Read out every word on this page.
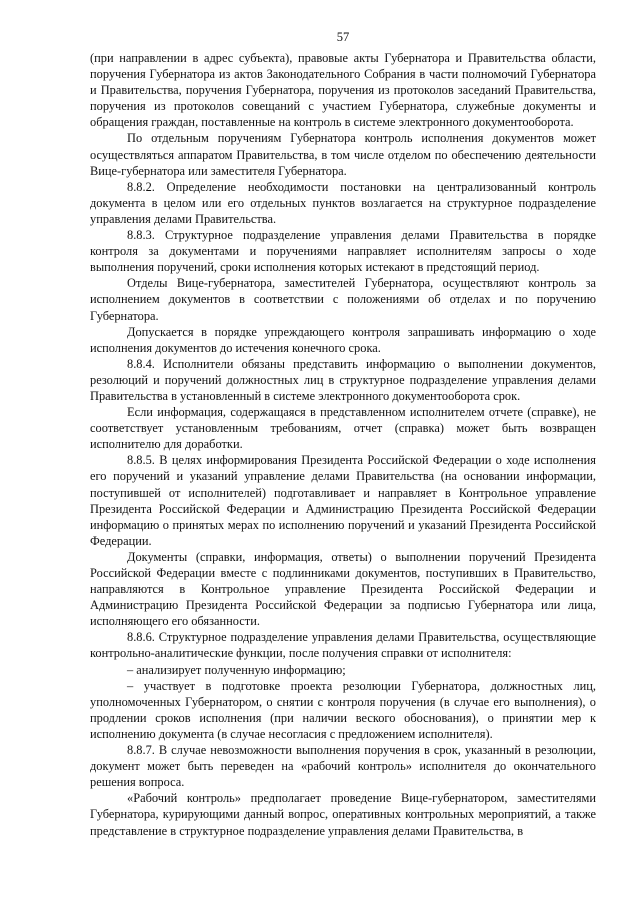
57

(при направлении в адрес субъекта), правовые акты Губернатора и Правительства области, поручения Губернатора из актов Законодательного Собрания в части полномочий Губернатора и Правительства, поручения Губернатора, поручения из протоколов заседаний Правительства, поручения из протоколов совещаний с участием Губернатора, служебные документы и обращения граждан, поставленные на контроль в системе электронного документооборота.

По отдельным поручениям Губернатора контроль исполнения документов может осуществляться аппаратом Правительства, в том числе отделом по обеспечению деятельности Вице-губернатора или заместителя Губернатора.

8.8.2. Определение необходимости постановки на централизованный контроль документа в целом или его отдельных пунктов возлагается на структурное подразделение управления делами Правительства.

8.8.3. Структурное подразделение управления делами Правительства в порядке контроля за документами и поручениями направляет исполнителям запросы о ходе выполнения поручений, сроки исполнения которых истекают в предстоящий период.

Отделы Вице-губернатора, заместителей Губернатора, осуществляют контроль за исполнением документов в соответствии с положениями об отделах и по поручению Губернатора.

Допускается в порядке упреждающего контроля запрашивать информацию о ходе исполнения документов до истечения конечного срока.

8.8.4. Исполнители обязаны представить информацию о выполнении документов, резолюций и поручений должностных лиц в структурное подразделение управления делами Правительства в установленный в системе электронного документооборота срок.

Если информация, содержащаяся в представленном исполнителем отчете (справке), не соответствует установленным требованиям, отчет (справка) может быть возвращен исполнителю для доработки.

8.8.5. В целях информирования Президента Российской Федерации о ходе исполнения его поручений и указаний управление делами Правительства (на основании информации, поступившей от исполнителей) подготавливает и направляет в Контрольное управление Президента Российской Федерации и Администрацию Президента Российской Федерации информацию о принятых мерах по исполнению поручений и указаний Президента Российской Федерации.

Документы (справки, информация, ответы) о выполнении поручений Президента Российской Федерации вместе с подлинниками документов, поступивших в Правительство, направляются в Контрольное управление Президента Российской Федерации и Администрацию Президента Российской Федерации за подписью Губернатора или лица, исполняющего его обязанности.

8.8.6. Структурное подразделение управления делами Правительства, осуществляющие контрольно-аналитические функции, после получения справки от исполнителя:

– анализирует полученную информацию;

– участвует в подготовке проекта резолюции Губернатора, должностных лиц, уполномоченных Губернатором, о снятии с контроля поручения (в случае его выполнения), о продлении сроков исполнения (при наличии веского обоснования), о принятии мер к исполнению документа (в случае несогласия с предложением исполнителя).

8.8.7. В случае невозможности выполнения поручения в срок, указанный в резолюции, документ может быть переведен на «рабочий контроль» исполнителя до окончательного решения вопроса.

«Рабочий контроль» предполагает проведение Вице-губернатором, заместителями Губернатора, курирующими данный вопрос, оперативных контрольных мероприятий, а также представление в структурное подразделение управления делами Правительства, в
